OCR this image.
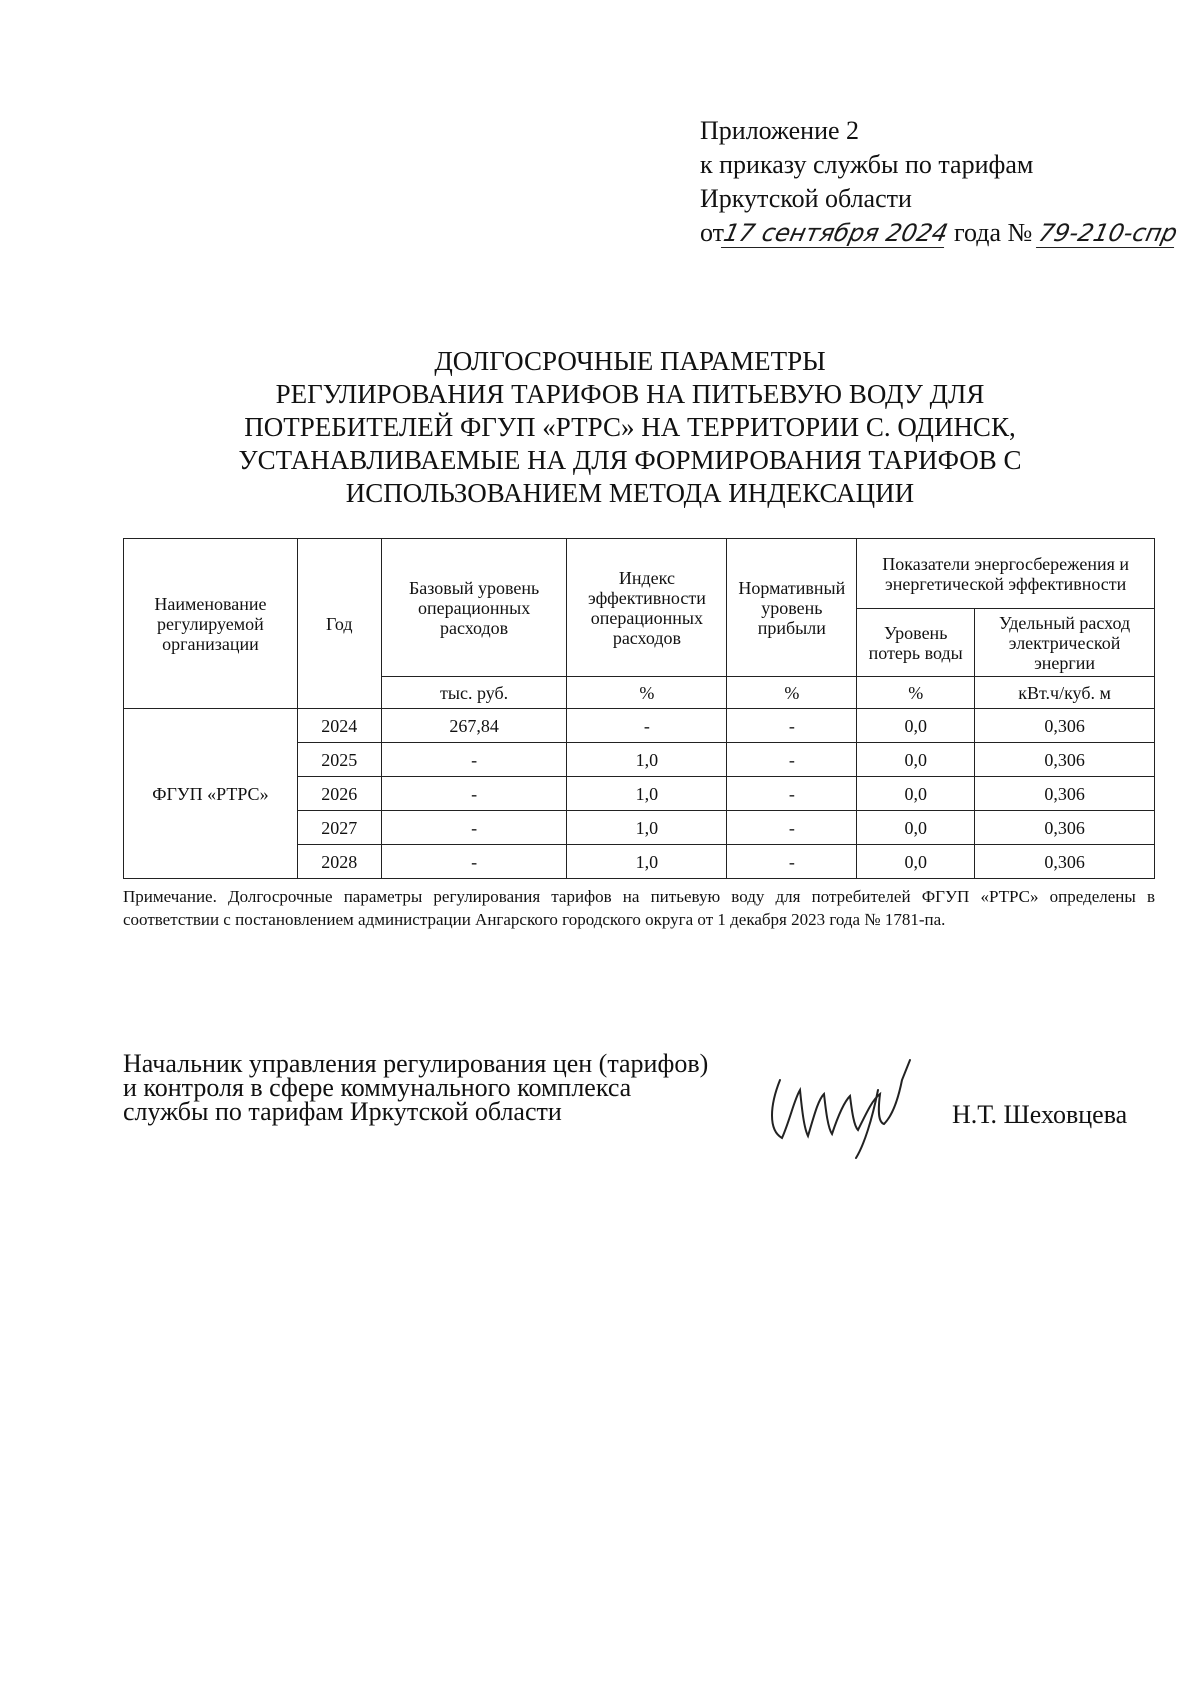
Приложение 2
к приказу службы по тарифам
Иркутской области
от17 сентября 2024 года № 79-210-спр
ДОЛГОСРОЧНЫЕ ПАРАМЕТРЫ
РЕГУЛИРОВАНИЯ ТАРИФОВ НА ПИТЬЕВУЮ ВОДУ ДЛЯ
ПОТРЕБИТЕЛЕЙ ФГУП «РТРС» НА ТЕРРИТОРИИ С. ОДИНСК,
УСТАНАВЛИВАЕМЫЕ НА ДЛЯ ФОРМИРОВАНИЯ ТАРИФОВ С
ИСПОЛЬЗОВАНИЕМ МЕТОДА ИНДЕКСАЦИИ
Наименование регулируемой организации	Год	Базовый уровень операционных расходов	Индекс эффективности операционных расходов	Нормативный уровень прибыли	Показатели энергосбережения и энергетической эффективности	
					Уровень потерь воды	Удельный расход электрической энергии
		тыс. руб.	%	%	%	кВт.ч/куб. м
ФГУП «РТРС»	2024	267,84	-	-	0,0	0,306
	2025	-	1,0	-	0,0	0,306
	2026	-	1,0	-	0,0	0,306
	2027	-	1,0	-	0,0	0,306
	2028	-	1,0	-	0,0	0,306
Примечание. Долгосрочные параметры регулирования тарифов на питьевую воду для потребителей ФГУП «РТРС» определены в соответствии с постановлением администрации Ангарского городского округа от 1 декабря 2023 года № 1781-па.
Начальник управления регулирования цен (тарифов)
и контроля в сфере коммунального комплекса
службы по тарифам Иркутской области	Н.Т. Шеховцева
